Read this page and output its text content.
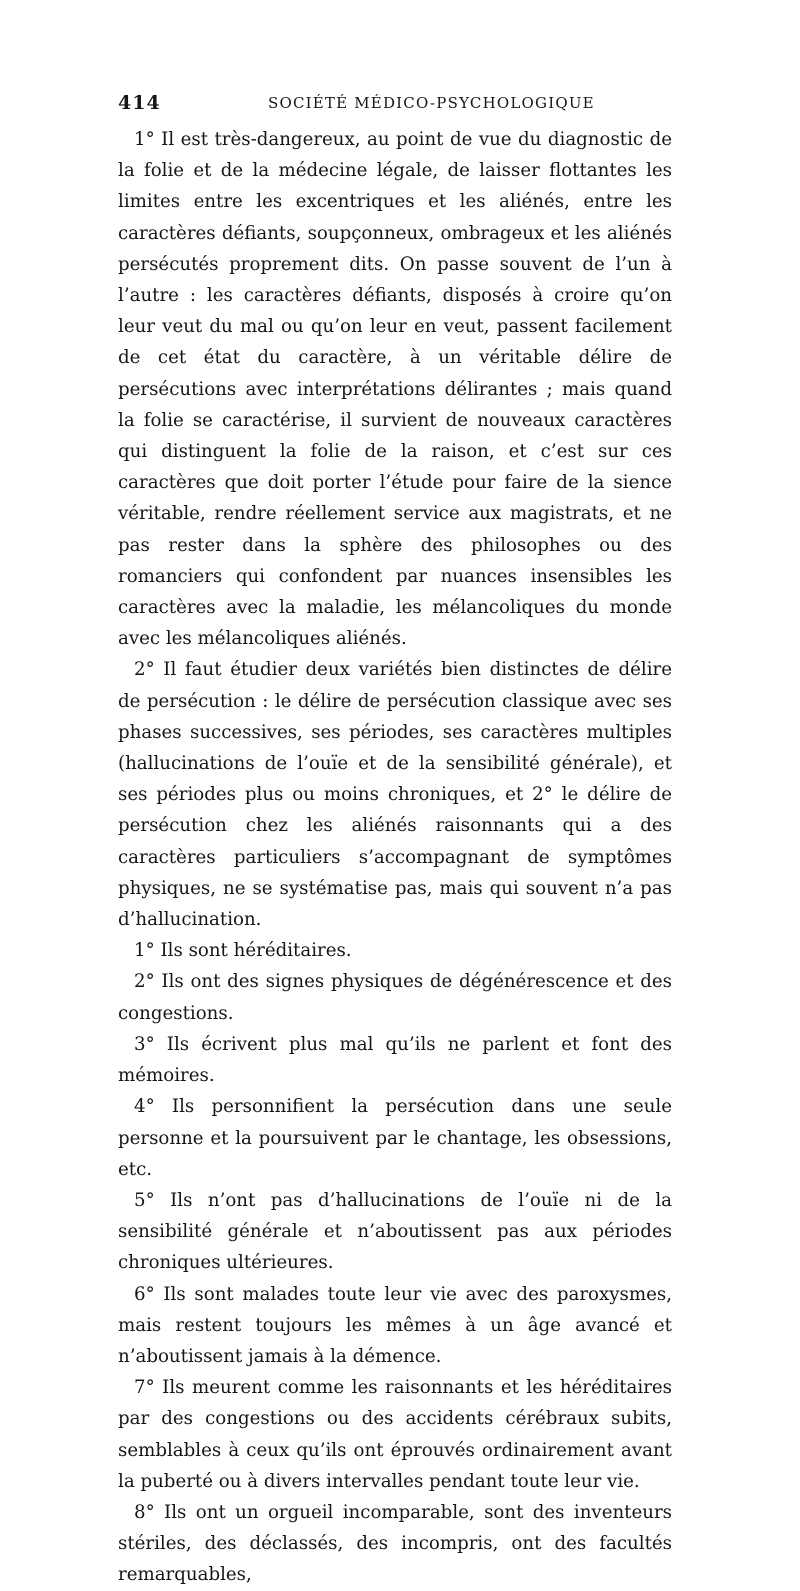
414	SOCIÉTÉ MÉDICO-PSYCHOLOGIQUE

1° Il est très-dangereux, au point de vue du diagnostic de la folie et de la médecine légale, de laisser flottantes les limites entre les excentriques et les aliénés, entre les caractères défiants, soupçonneux, ombrageux et les aliénés persécutés proprement dits. On passe souvent de l’un à l’autre : les caractères défiants, disposés à croire qu’on leur veut du mal ou qu’on leur en veut, passent facilement de cet état du caractère, à un véritable délire de persécutions avec interprétations délirantes ; mais quand la folie se caractérise, il survient de nouveaux caractères qui distinguent la folie de la raison, et c’est sur ces caractères que doit porter l’étude pour faire de la sience véritable, rendre réellement service aux magistrats, et ne pas rester dans la sphère des philosophes ou des romanciers qui confondent par nuances insensibles les caractères avec la maladie, les mélancoliques du monde avec les mélancoliques aliénés.

2° Il faut étudier deux variétés bien distinctes de délire de persécution : le délire de persécution classique avec ses phases successives, ses périodes, ses caractères multiples (hallucinations de l’ouïe et de la sensibilité générale), et ses périodes plus ou moins chroniques, et 2° le délire de persécution chez les aliénés raisonnants qui a des caractères particuliers s’accompagnant de symptômes physiques, ne se systématise pas, mais qui souvent n’a pas d’hallucination.

1° Ils sont héréditaires.

2° Ils ont des signes physiques de dégénérescence et des congestions.

3° Ils écrivent plus mal qu’ils ne parlent et font des mémoires.

4° Ils personnifient la persécution dans une seule personne et la poursuivent par le chantage, les obsessions, etc.

5° Ils n’ont pas d’hallucinations de l’ouïe ni de la sensibilité générale et n’aboutissent pas aux périodes chroniques ultérieures.

6° Ils sont malades toute leur vie avec des paroxysmes, mais restent toujours les mêmes à un âge avancé et n’aboutissent jamais à la démence.

7° Ils meurent comme les raisonnants et les héréditaires par des congestions ou des accidents cérébraux subits, semblables à ceux qu’ils ont éprouvés ordinairement avant la puberté ou à divers intervalles pendant toute leur vie.

8° Ils ont un orgueil incomparable, sont des inventeurs stériles, des déclassés, des incompris, ont des facultés remarquables,
